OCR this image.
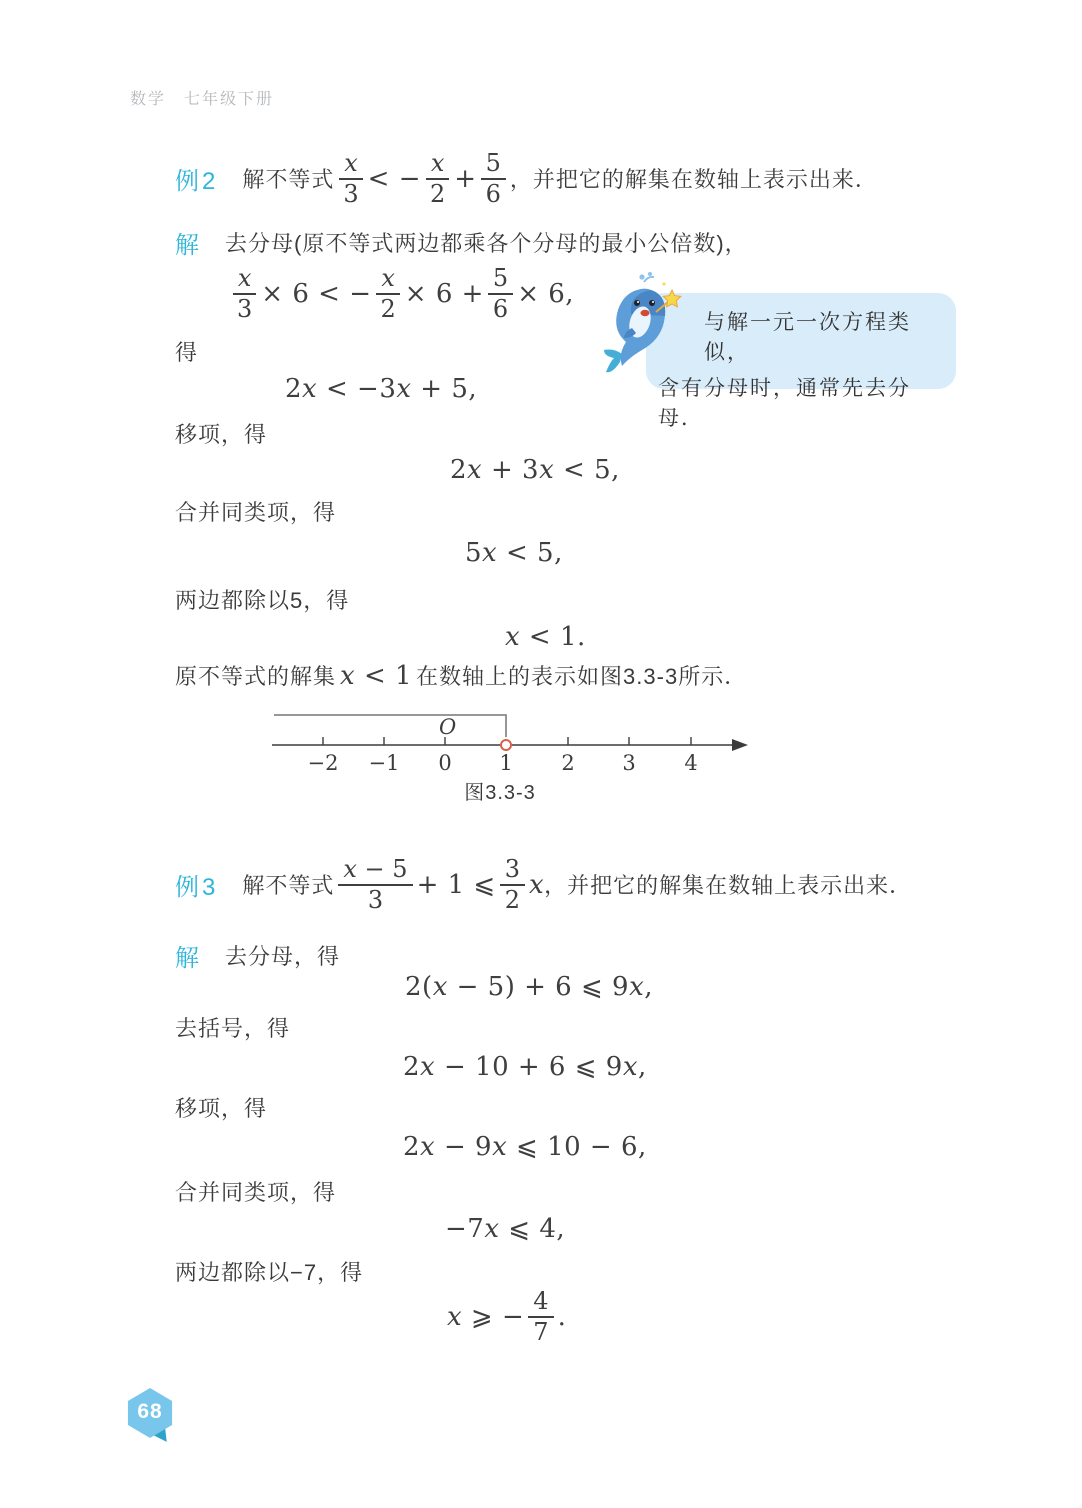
数学　七年级下册
例2 解不等式 $\frac{x}{3}$ < − $\frac{x}{2} + \frac{5}{6}$ ，并把它的解集在数轴上表示出来．
解 去分母(原不等式两边都乘各个分母的最小公倍数)，
$\frac{x}{3} \times 6$ < − $\frac{x}{2} \times 6 + \frac{5}{6} \times 6$,
得
2x < −3x + 5,
移项，得
2x + 3x < 5,
合并同类项，得
5x < 5,
两边都除以5，得
x < 1.
原不等式的解集 x < 1 在数轴上的表示如图3.3-3所示．
O
−2 −1 0 1 2 3 4
图3.3-3
与解一元一次方程类似，
含有分母时，通常先去分母．
例3 解不等式 $\frac{x - 5}{3} + 1$ ⩽ $\frac{3}{2}$ x ，并把它的解集在数轴上表示出来．
解 去分母，得
2(x − 5) + 6 ⩽ 9x,
去括号，得
2x − 10 + 6 ⩽ 9x,
移项，得
2x − 9x ⩽ 10 − 6,
合并同类项，得
−7x ⩽ 4,
两边都除以−7，得
x ⩾ − $\frac{4}{7}$ .
68
